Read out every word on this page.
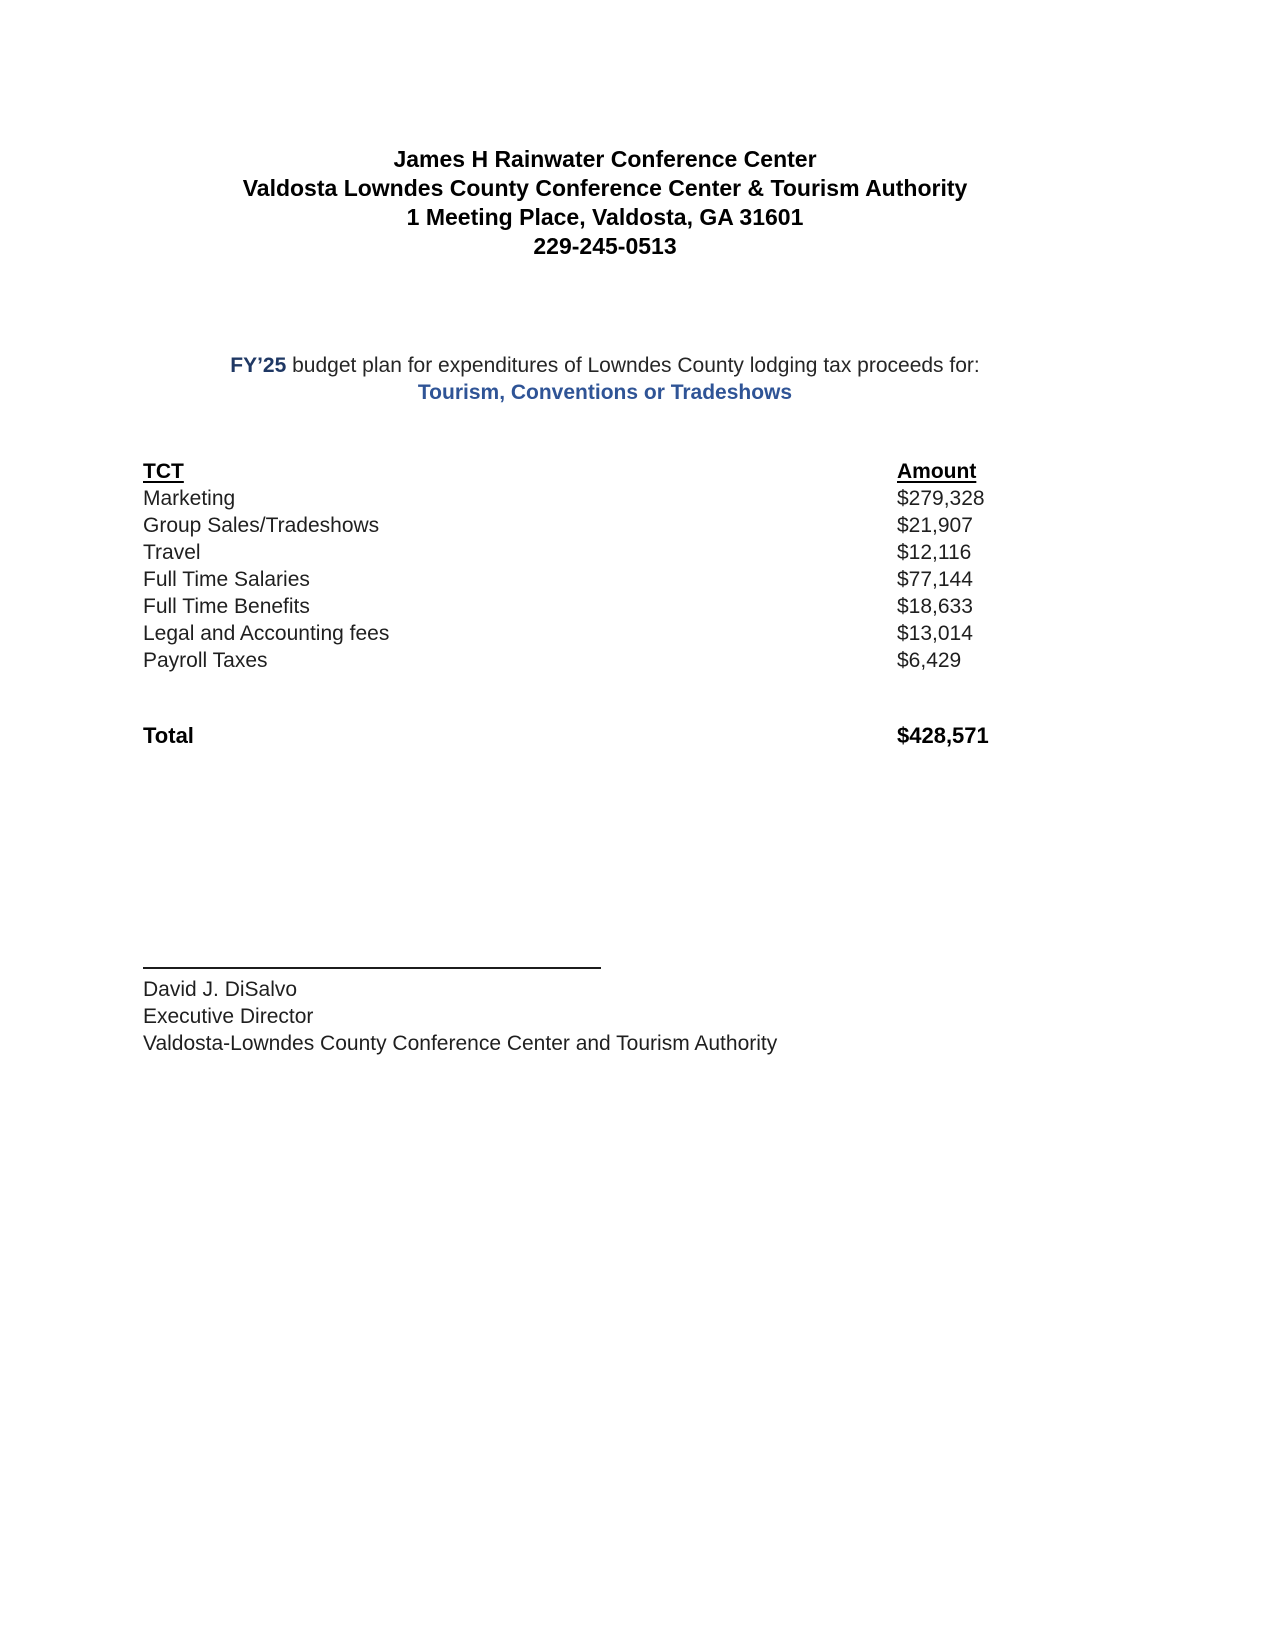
James H Rainwater Conference Center
Valdosta Lowndes County Conference Center & Tourism Authority
1 Meeting Place, Valdosta, GA 31601
229-245-0513
FY’25 budget plan for expenditures of Lowndes County lodging tax proceeds for:
Tourism, Conventions or Tradeshows
TCT	Amount
Marketing	$279,328
Group Sales/Tradeshows	$21,907
Travel	$12,116
Full Time Salaries	$77,144
Full Time Benefits	$18,633
Legal and Accounting fees	$13,014
Payroll Taxes	$6,429
Total	$428,571
David J. DiSalvo
Executive Director
Valdosta-Lowndes County Conference Center and Tourism Authority
